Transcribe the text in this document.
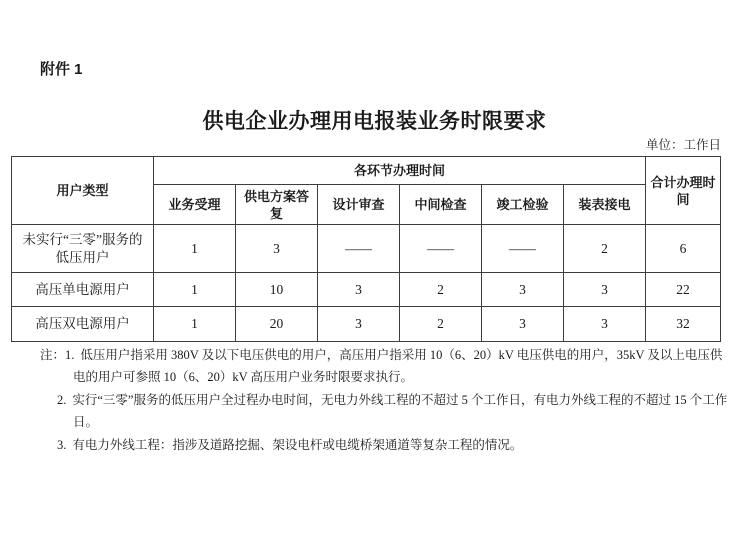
附件 1
供电企业办理用电报装业务时限要求
单位：工作日
用户类型	各环节办理时间						合计办理时间
	业务受理	供电方案答复	设计审查	中间检查	竣工检验	装表接电	
未实行“三零”服务的低压用户	1	3	——	——	——	2	6
高压单电源用户	1	10	3	2	3	3	22
高压双电源用户	1	20	3	2	3	3	32

注：1. 低压用户指采用 380V 及以下电压供电的用户，高压用户指采用 10（6、20）kV 电压供电的用户，35kV 及以上电压供电的用户可参照 10（6、20）kV 高压用户业务时限要求执行。

2. 实行“三零”服务的低压用户全过程办电时间，无电力外线工程的不超过 5 个工作日，有电力外线工程的不超过 15 个工作日。

3. 有电力外线工程：指涉及道路挖掘、架设电杆或电缆桥架通道等复杂工程的情况。
